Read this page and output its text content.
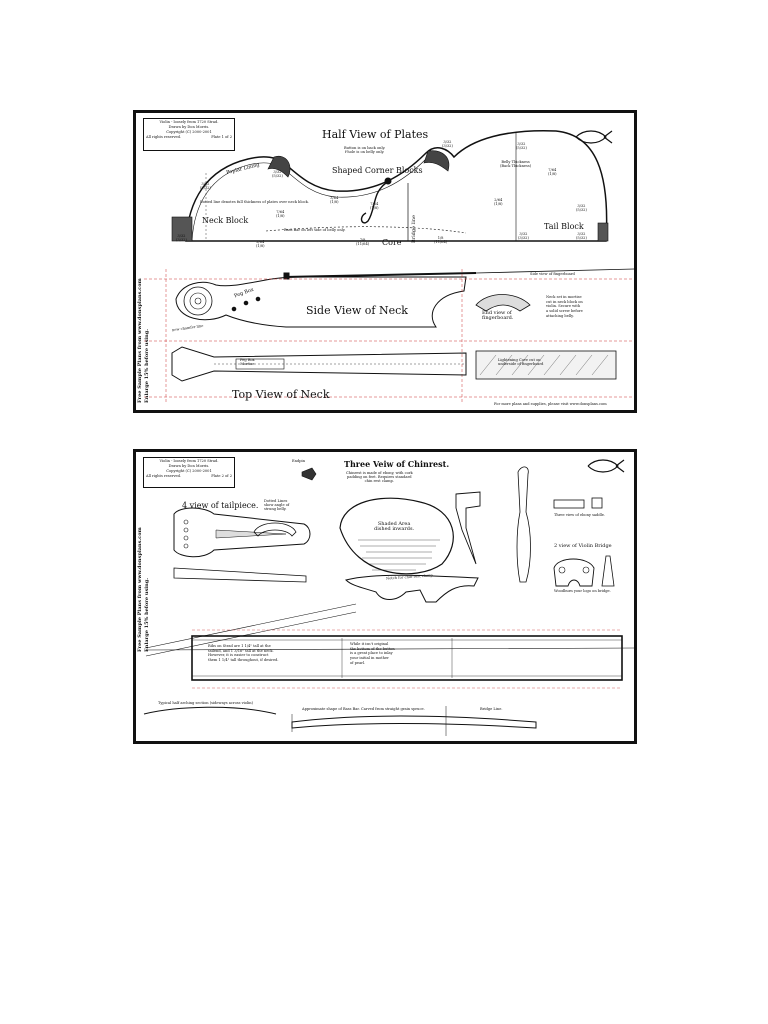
Violin - loosely from 1720 Strad.
Drawn by Don Morris.
Copyright (C) 2000-2001
All rights reserved.	Plate 1 of 2
Free Sample Plans from www.donsplans.com Enlarge 15% before using.
Half View of Plates
Button is on back only.
f-hole is on belly only.
Shaped Corner Blocks
Poplar Lining
Dotted line denotes full thickness of plates over neck block.
Neck Block
Tail Block
Core Bridge line
Bass Bar on left side of belly only.
Belly Thickness
(Back Thickness)
3/32
(5/32)
3/32
(5/32)
3/32
(3/32)
2/64
(1/8)
7/64
(1/8)
3/64
(1/8)
7/64
(1/8)
3/32
(3/32)
1/8
(11/64)
7/8
(11/64)
2/64
(1/8)
7/64
(1/8)
3/32
(5/32)
3/32
(5/32)
3/32
(3/32)
3/32
(5/32)
Side View of Neck
Peg Box
new chamfer line
End view of
fingerboard.
Neck set in mortise
cut in neck block on
violin. Secure with
a solid screw before
attaching belly.
Side view of fingerboard
Peg Box
Mortise
Lightening Cove cut on
underside of fingerboard
Top View of Neck
For more plans and supplies, please visit www.donsplans.com
Violin - loosely from 1720 Strad.
Drawn by Don Morris.
Copyright (C) 2000-2001
All rights reserved.	Plate 2 of 2
Free Sample Plans from www.donsplans.com Enlarge 15% before using.
Endpin	Three Veiw of Chinrest.
Chinrest is made of ebony, with cork
padding on feet. Requires standard
chin rest clamp.
Shaded Area
dished inwards.
Notch for chin-rest clamp
4 view of tailpiece. Dotted Lines
show angle of
strung belly.
Three view of ebony saddle.
2 view of Violin Bridge
Woodburn your logo on bridge.
Ribs on Strad are 1 1/4" tall at the
tailend, and 1 3/16" tall at the neck.
However, it is easier to construct
them 1 1/4" tall throughout, if desired.
While it isn't original
the bottom of the button
is a great place to inlay
your initial in mother
of pearl.
Typical half arching section (sideways across violin)
Approximate shape of Bass Bar. Carved from straight grain spruce.	Bridge Line.
